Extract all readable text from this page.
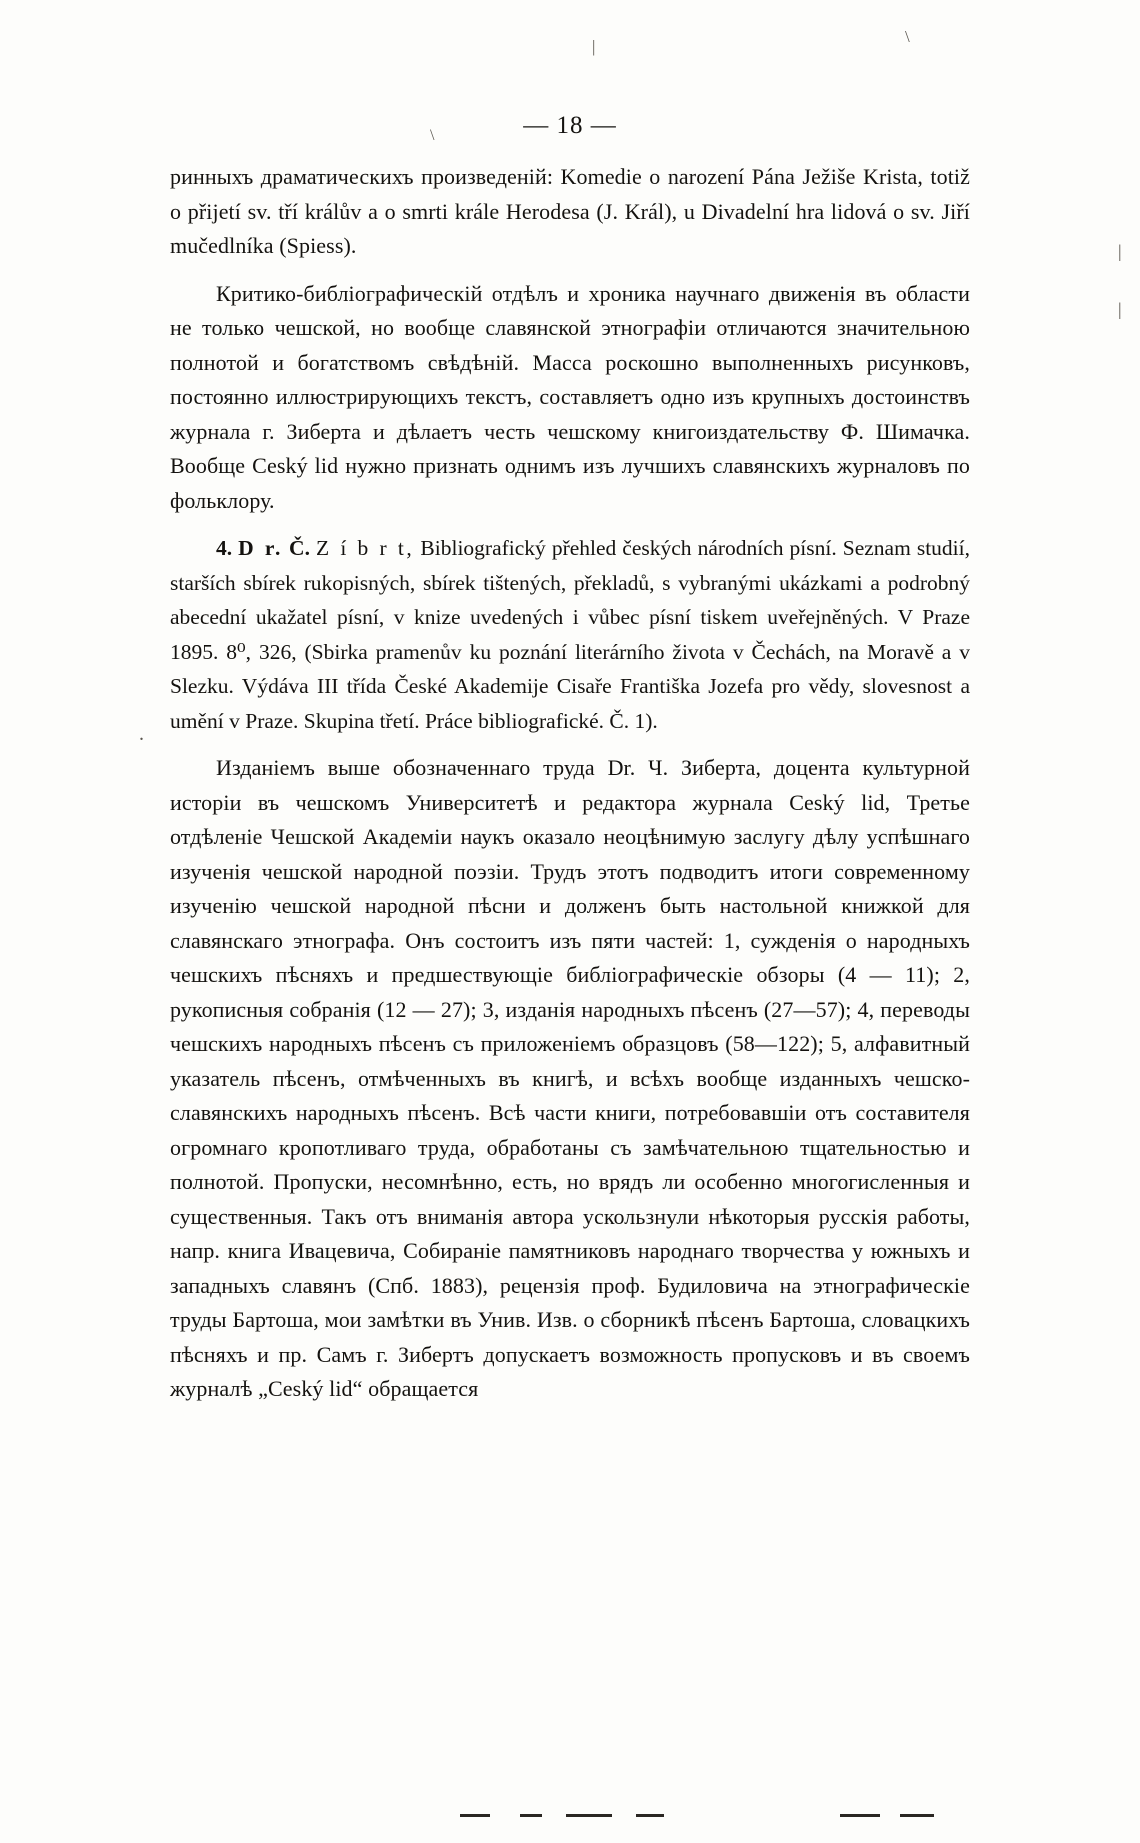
\
|
|
|
\
.
— 18 —

ринныхъ драматическихъ произведеній: Komedie o narození Pána Ježiše Krista, totiž o přijetí sv. tří králův a o smrti krále Herodesa (J. Král), u Divadelní hra lidová o sv. Jiří mučedlníka (Spiess).

Критико-библіографическій отдѣлъ и хроника научнаго движенія въ области не только чешской, но вообще славянской этнографіи отличаются значительною полнотой и богатствомъ свѣдѣній. Масса роскошно выполненныхъ рисунковъ, постоянно иллюстрирующихъ текстъ, составляетъ одно изъ крупныхъ достоинствъ журнала г. Зиберта и дѣлаетъ честь чешскому книгоиздательству Ф. Шимачка. Вообще Ceský lid нужно признать однимъ изъ лучшихъ славянскихъ журналовъ по фольклору.

4. D r. Č. Z í b r t, Bibliografický přehled českých národních písní. Seznam studií, starších sbírek rukopisných, sbírek tištených, překladů, s vybranými ukázkami a podrobný abecední ukažatel písní, v knize uvedených i vůbec písní tiskem uveřejněných. V Praze 1895. 8⁰, 326, (Sbirka pramenův ku poznání literárního života v Čechách, na Moravě a v Slezku. Výdáva III třída České Akademije Cisaře Františka Jozefa pro vědy, slovesnost a umění v Praze. Skupina třetí. Práce bibliografické. Č. 1).

Изданіемъ выше обозначеннаго труда Dr. Ч. Зиберта, доцента культурной исторіи въ чешскомъ Университетѣ и редактора журнала Ceský lid, Третье отдѣленіе Чешской Академіи наукъ оказало неоцѣнимую заслугу дѣлу успѣшнаго изученія чешской народной поэзіи. Трудъ этотъ подводитъ итоги современному изученію чешской народной пѣсни и долженъ быть настольной книжкой для славянскаго этнографа. Онъ состоитъ изъ пяти частей: 1, сужденія о народныхъ чешскихъ пѣсняхъ и предшествующіе библіографическіе обзоры (4 — 11); 2, рукописныя собранія (12 — 27); 3, изданія народныхъ пѣсенъ (27—57); 4, переводы чешскихъ народныхъ пѣсенъ съ приложеніемъ образцовъ (58—122); 5, алфавитный указатель пѣсенъ, отмѣченныхъ въ книгѣ, и всѣхъ вообще изданныхъ чешско-славянскихъ народныхъ пѣсенъ. Всѣ части книги, потребовавшіи отъ составителя огромнаго кропотливаго труда, обработаны съ замѣчательною тщательностью и полнотой. Пропуски, несомнѣнно, есть, но врядъ ли особенно многогисленныя и существенныя. Такъ отъ вниманія автора ускользнули нѣкоторыя русскія работы, напр. книга Ивацевича, Собираніе памятниковъ народнаго творчества у южныхъ и западныхъ славянъ (Спб. 1883), рецензія проф. Будиловича на этнографическіе труды Бартоша, мои замѣтки въ Унив. Изв. о сборникѣ пѣсенъ Бартоша, словацкихъ пѣсняхъ и пр. Самъ г. Зибертъ допускаетъ возможность пропусковъ и въ своемъ журналѣ „Ceský lid“ обращается
